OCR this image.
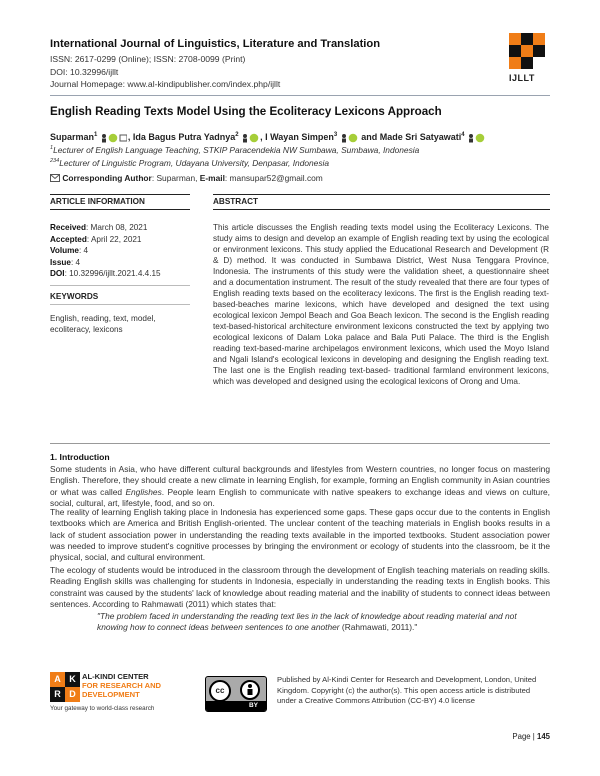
International Journal of Linguistics, Literature and Translation
ISSN: 2617-0299 (Online); ISSN: 2708-0099 (Print)
DOI: 10.32996/ijllt
Journal Homepage: www.al-kindipublisher.com/index.php/ijllt
IJLLT
English Reading Texts Model Using the Ecoliteracy Lexicons Approach
Suparman$^1$	, Ida Bagus Putra Yadnya$^2$ , I Wayan Simpen$^3$  and Made Sri Satyawati$^4$
$^1$Lecturer of English Language Teaching, STKIP Paracendekia NW Sumbawa, Sumbawa, Indonesia
$^{234}$Lecturer of Linguistic Program, Udayana University, Denpasar, Indonesia
Corresponding Author: Suparman, E-mail: mansupar52@gmail.com
ARTICLE INFORMATION	ABSTRACT
Received: March 08, 2021
Accepted: April 22, 2021
Volume: 4
Issue: 4
DOI: 10.32996/ijllt.2021.4.4.15
KEYWORDS
English, reading, text, model, ecoliteracy, lexicons
This article discusses the English reading texts model using the Ecoliteracy Lexicons. The study aims to design and develop an example of English reading text by using the ecological or environment lexicons. This study applied the Educational Research and Development (R & D) method. It was conducted in Sumbawa District, West Nusa Tenggara Province, Indonesia. The instruments of this study were the validation sheet, a questionnaire sheet and a documentation instrument. The result of the study revealed that there are four types of English reading texts based on the ecoliteracy lexicons. The first is the English reading text-based-beaches marine lexicons, which have developed and designed the text using ecological lexicon Jempol Beach and Goa Beach lexicon. The second is the English reading text-based-historical architecture environment lexicons constructed the text by applying two ecological lexicons of Dalam Loka palace and Bala Puti Palace. The third is the English reading text-based-marine archipelagos environment lexicons, which used the Moyo Island and Ngali Island's ecological lexicons in developing and designing the English reading text. The last one is the English reading text-based- traditional farmland environment lexicons, which was developed and designed using the ecological lexicons of Orong and Uma.
1. Introduction
Some students in Asia, who have different cultural backgrounds and lifestyles from Western countries, no longer focus on mastering English. Therefore, they should create a new climate in learning English, for example, forming an English community in Asian countries or what was called Englishes. People learn English to communicate with native speakers to exchange ideas and views on culture, social, cultural, art, lifestyle, food, and so on.
The reality of learning English taking place in Indonesia has experienced some gaps. These gaps occur due to the contents in English textbooks which are America and British English-oriented. The unclear content of the teaching materials in English books results in a lack of student association power in understanding the reading texts available in the imported textbooks. Student association power was needed to improve student's cognitive processes by bringing the environment or ecology of students into the classroom, be it the physical, social, and cultural environment.
The ecology of students would be introduced in the classroom through the development of English teaching materials on reading skills. Reading English skills was challenging for students in Indonesia, especially in understanding the reading texts in English books. This constraint was caused by the students' lack of knowledge about reading material and the inability of students to connect ideas between sentences. According to Rahmawati (2011) which states that:
"The problem faced in understanding the reading text lies in the lack of knowledge about reading material and not knowing how to connect ideas between sentences to one another (Rahmawati, 2011)."
A K
R D
AL-KINDI CENTER
FOR RESEARCH AND
DEVELOPMENT
Your gateway to world-class research
cc
BY
Published by Al-Kindi Center for Research and Development, London, United Kingdom. Copyright (c) the author(s). This open access article is distributed under a Creative Commons Attribution (CC-BY) 4.0 license
Page | 145
